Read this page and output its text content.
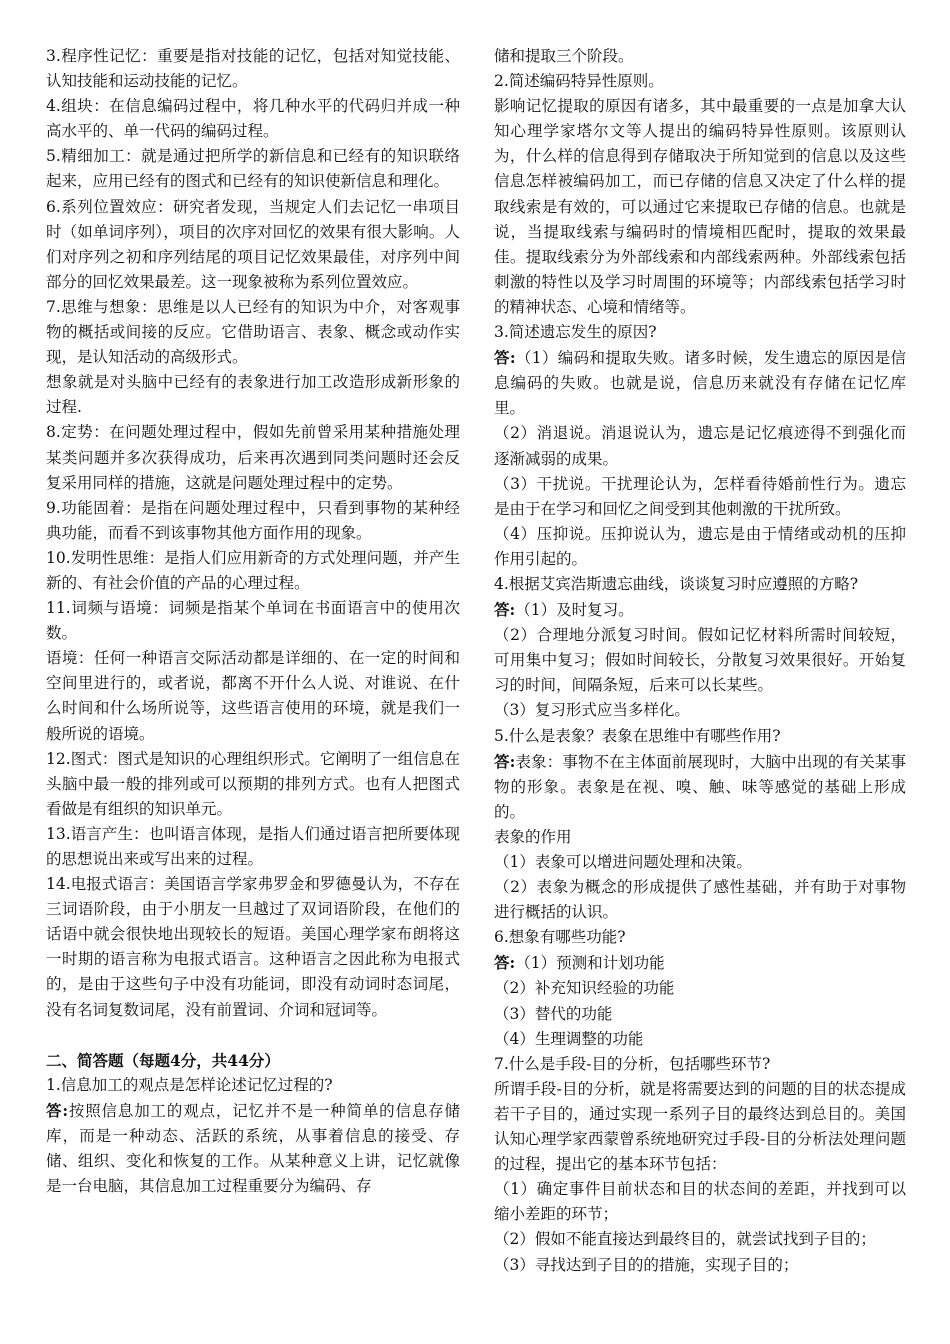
3.程序性记忆：重要是指对技能的记忆，包括对知觉技能、认知技能和运动技能的记忆。

4.组块：在信息编码过程中，将几种水平的代码归并成一种高水平的、单一代码的编码过程。

5.精细加工：就是通过把所学的新信息和已经有的知识联络起来，应用已经有的图式和已经有的知识使新信息和理化。

6.系列位置效应：研究者发现，当规定人们去记忆一串项目时（如单词序列），项目的次序对回忆的效果有很大影响。人们对序列之初和序列结尾的项目记忆效果最佳，对序列中间部分的回忆效果最差。这一现象被称为系列位置效应。

7.思维与想象：思维是以人已经有的知识为中介，对客观事物的概括或间接的反应。它借助语言、表象、概念或动作实现，是认知活动的高级形式。

想象就是对头脑中已经有的表象进行加工改造形成新形象的过程.

8.定势：在问题处理过程中，假如先前曾采用某种措施处理某类问题并多次获得成功，后来再次遇到同类问题时还会反复采用同样的措施，这就是问题处理过程中的定势。

9.功能固着：是指在问题处理过程中，只看到事物的某种经典功能，而看不到该事物其他方面作用的现象。

10.发明性思维：是指人们应用新奇的方式处理问题，并产生新的、有社会价值的产品的心理过程。

11.词频与语境：词频是指某个单词在书面语言中的使用次数。

语境：任何一种语言交际活动都是详细的、在一定的时间和空间里进行的，或者说，都离不开什么人说、对谁说、在什么时间和什么场所说等，这些语言使用的环境，就是我们一般所说的语境。

12.图式：图式是知识的心理组织形式。它阐明了一组信息在头脑中最一般的排列或可以预期的排列方式。也有人把图式看做是有组织的知识单元。

13.语言产生：也叫语言体现，是指人们通过语言把所要体现的思想说出来或写出来的过程。

14.电报式语言：美国语言学家弗罗金和罗德曼认为，不存在三词语阶段，由于小朋友一旦越过了双词语阶段，在他们的话语中就会很快地出现较长的短语。美国心理学家布朗将这一时期的语言称为电报式语言。这种语言之因此称为电报式的，是由于这些句子中没有功能词，即没有动词时态词尾，没有名词复数词尾，没有前置词、介词和冠词等。

二、简答题（每题4分，共44分）

1.信息加工的观点是怎样论述记忆过程的?

答:按照信息加工的观点，记忆并不是一种简单的信息存储库，而是一种动态、活跃的系统，从事着信息的接受、存储、组织、变化和恢复的工作。从某种意义上讲，记忆就像是一台电脑，其信息加工过程重要分为编码、存

储和提取三个阶段。

2.简述编码特异性原则。

影响记忆提取的原因有诸多，其中最重要的一点是加拿大认知心理学家塔尔文等人提出的编码特异性原则。该原则认为，什么样的信息得到存储取决于所知觉到的信息以及这些信息怎样被编码加工，而已存储的信息又决定了什么样的提取线索是有效的，可以通过它来提取已存储的信息。也就是说，当提取线索与编码时的情境相匹配时，提取的效果最佳。提取线索分为外部线索和内部线索两种。外部线索包括刺激的特性以及学习时周围的环境等；内部线索包括学习时的精神状态、心境和情绪等。

3.简述遗忘发生的原因?

答:（1）编码和提取失败。诸多时候，发生遗忘的原因是信息编码的失败。也就是说，信息历来就没有存储在记忆库里。

（2）消退说。消退说认为，遗忘是记忆痕迹得不到强化而逐渐减弱的成果。

（3）干扰说。干扰理论认为，怎样看待婚前性行为。遗忘是由于在学习和回忆之间受到其他刺激的干扰所致。

（4）压抑说。压抑说认为，遗忘是由于情绪或动机的压抑作用引起的。

4.根据艾宾浩斯遗忘曲线，谈谈复习时应遵照的方略?

答:（1）及时复习。

（2）合理地分派复习时间。假如记忆材料所需时间较短，可用集中复习；假如时间较长，分散复习效果很好。开始复习的时间，间隔条短，后来可以长某些。

（3）复习形式应当多样化。

5.什么是表象？表象在思维中有哪些作用?

答:表象：事物不在主体面前展现时，大脑中出现的有关某事物的形象。表象是在视、嗅、触、味等感觉的基础上形成的。

表象的作用

（1）表象可以增进问题处理和决策。

（2）表象为概念的形成提供了感性基础，并有助于对事物进行概括的认识。

6.想象有哪些功能?

答:（1）预测和计划功能

（2）补充知识经验的功能

（3）替代的功能

（4）生理调整的功能

7.什么是手段-目的分析，包括哪些环节?

所谓手段-目的分析，就是将需要达到的问题的目的状态提成若干子目的，通过实现一系列子目的最终达到总目的。美国认知心理学家西蒙曾系统地研究过手段-目的分析法处理问题的过程，提出它的基本环节包括：

（1）确定事件目前状态和目的状态间的差距，并找到可以缩小差距的环节；

（2）假如不能直接达到最终目的，就尝试找到子目的；

（3）寻找达到子目的的措施，实现子目的；
